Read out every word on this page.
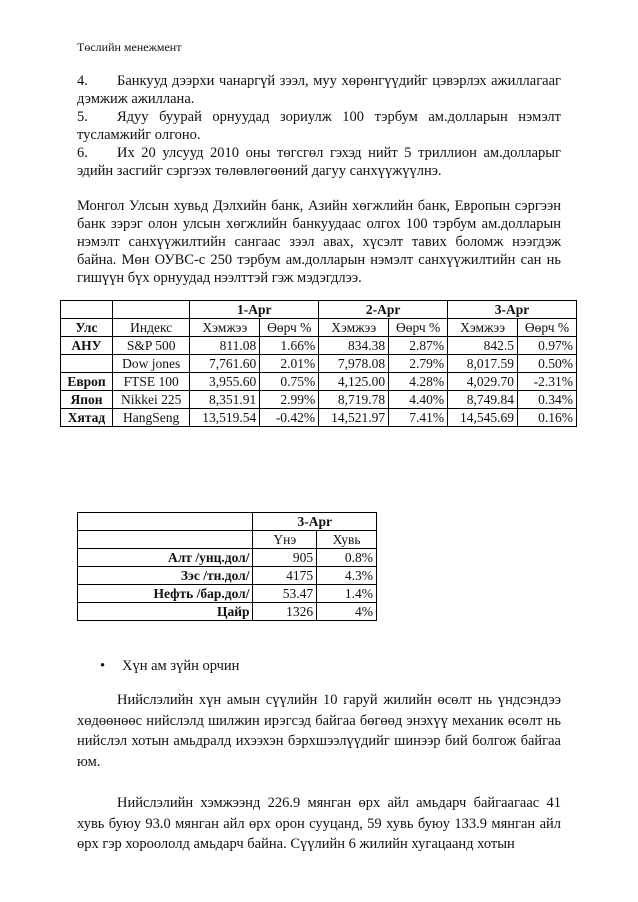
Төслийн менежмент
4. Банкууд дээрхи чанаргүй зээл, муу хөрөнгүүдийг цэвэрлэх ажиллагааг дэмжиж ажиллана.
5. Ядуу буурай орнуудад зориулж 100 тэрбум ам.долларын нэмэлт тусламжийг олгоно.
6. Их 20 улсууд 2010 оны төгсгөл гэхэд нийт 5 триллион ам.долларыг эдийн засгийг сэргээх төлөвлөгөөний дагуу санхүүжүүлнэ.
Монгол Улсын хувьд Дэлхийн банк, Азийн хөгжлийн банк, Европын сэргээн банк зэрэг олон улсын хөгжлийн банкуудаас олгох 100 тэрбум ам.долларын нэмэлт санхүүжилтийн сангаас зээл авах, хүсэлт тавих боломж нээгдэж байна. Мөн ОУВС-с 250 тэрбум ам.долларын нэмэлт санхүүжилтийн сан нь гишүүн бүх орнуудад нээлттэй гэж мэдэгдлээ.
		1-Apr		2-Apr		3-Apr	
Улс	Индекс	Хэмжээ	Өөрч %	Хэмжээ	Өөрч %	Хэмжээ	Өөрч %
АНУ	S&P 500	811.08	1.66%	834.38	2.87%	842.5	0.97%
	Dow jones	7,761.60	2.01%	7,978.08	2.79%	8,017.59	0.50%
Европ	FTSE 100	3,955.60	0.75%	4,125.00	4.28%	4,029.70	-2.31%
Япон	Nikkei 225	8,351.91	2.99%	8,719.78	4.40%	8,749.84	0.34%
Хятад	HangSeng	13,519.54	-0.42%	14,521.97	7.41%	14,545.69	0.16%
	3-Apr	
	Үнэ	Хувь
Алт /унц.дол/	905	0.8%
Зэс /тн.дол/	4175	4.3%
Нефть /бар.дол/	53.47	1.4%
Цайр	1326	4%
• Хүн ам зүйн орчин
Нийслэлийн хүн амын сүүлийн 10 гаруй жилийн өсөлт нь үндсэндээ хөдөөнөөс нийслэлд шилжин ирэгсэд байгаа бөгөөд энэхүү механик өсөлт нь нийслэл хотын амьдралд ихээхэн бэрхшээлүүдийг шинээр бий болгож байгаа юм.
Нийслэлийн хэмжээнд 226.9 мянган өрх айл амьдарч байгаагаас 41 хувь буюу 93.0 мянган айл өрх орон сууцанд, 59 хувь буюу 133.9 мянган айл өрх гэр хороололд амьдарч байна. Сүүлийн 6 жилийн хугацаанд хотын
